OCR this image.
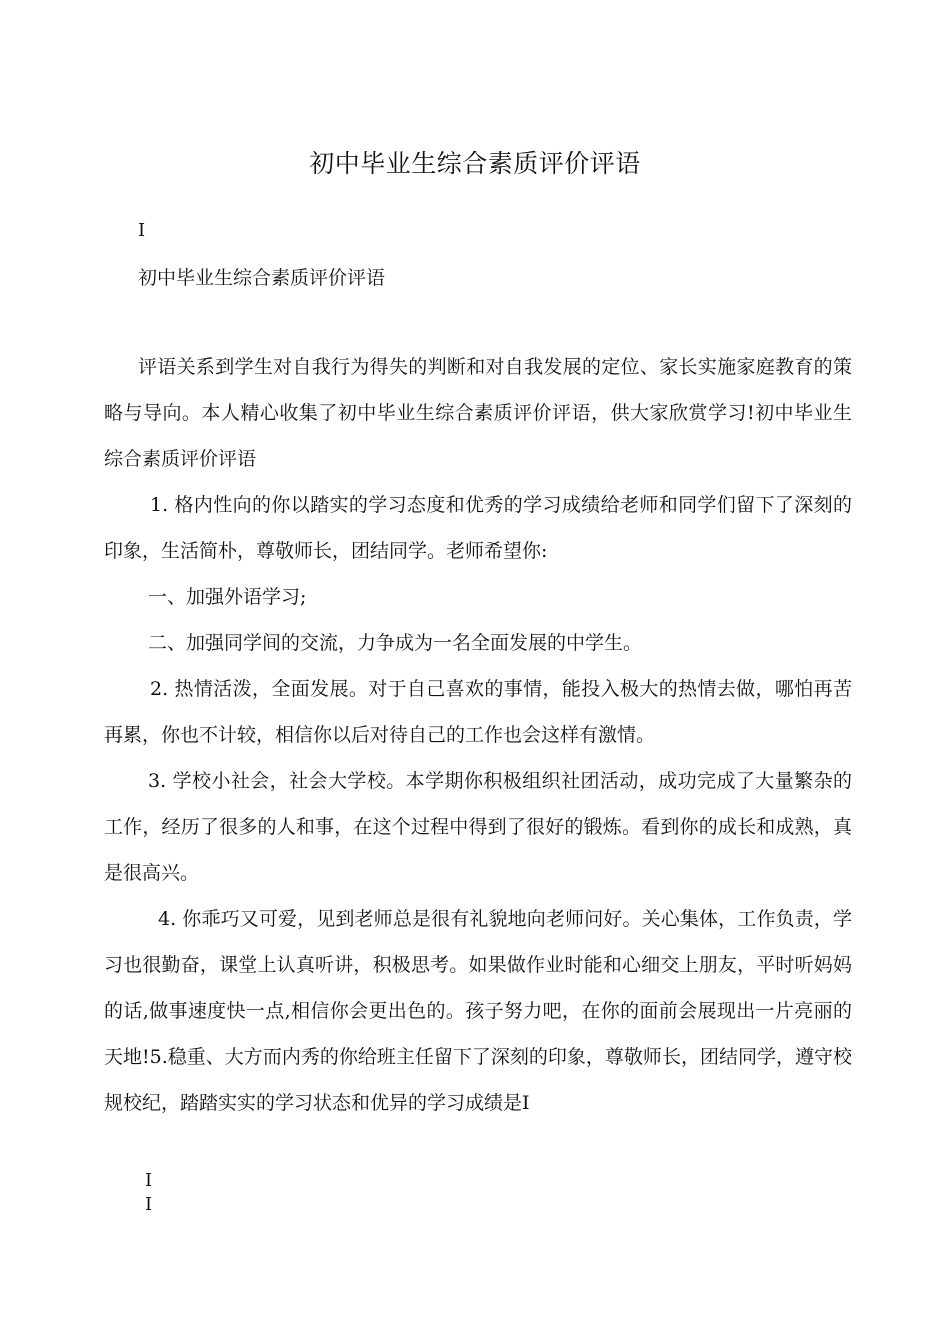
初中毕业生综合素质评价评语
I
初中毕业生综合素质评价评语

评语关系到学生对自我行为得失的判断和对自我发展的定位、家长实施家庭教育的策略与导向。本人精心收集了初中毕业生综合素质评价评语，供大家欣赏学习!初中毕业生综合素质评价评语

1. 格内性向的你以踏实的学习态度和优秀的学习成绩给老师和同学们留下了深刻的印象，生活简朴，尊敬师长，团结同学。老师希望你:

一、加强外语学习;

二、加强同学间的交流，力争成为一名全面发展的中学生。

2. 热情活泼，全面发展。对于自己喜欢的事情，能投入极大的热情去做，哪怕再苦再累，你也不计较，相信你以后对待自己的工作也会这样有激情。

3. 学校小社会，社会大学校。本学期你积极组织社团活动，成功完成了大量繁杂的工作，经历了很多的人和事，在这个过程中得到了很好的锻炼。看到你的成长和成熟，真是很高兴。

4. 你乖巧又可爱，见到老师总是很有礼貌地向老师问好。关心集体，工作负责，学习也很勤奋，课堂上认真听讲，积极思考。如果做作业时能和心细交上朋友，平时听妈妈的话,做事速度快一点,相信你会更出色的。孩子努力吧，在你的面前会展现出一片亮丽的天地!5.稳重、大方而内秀的你给班主任留下了深刻的印象，尊敬师长，团结同学，遵守校规校纪，踏踏实实的学习状态和优异的学习成绩是I

I
I
